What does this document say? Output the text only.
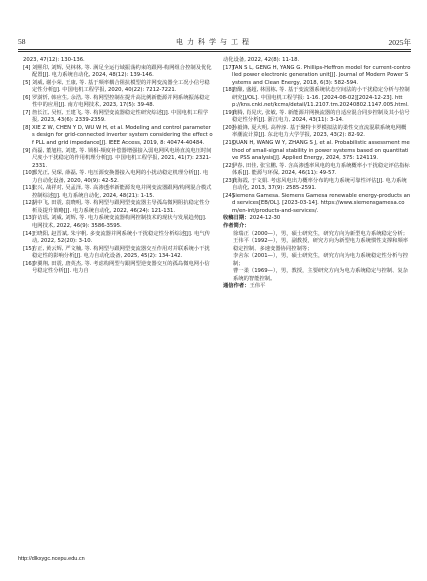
58	电力科学与工程	2025年

2023, 47(12): 130-136.

[4] 刘熙印, 刘辉, 吴林林, 等. 满足全运行域振荡约束的跟网-构网组合控制及优化配置[J]. 电力系统自动化, 2024, 48(12): 139-146.

[5] 刘威, 谢小荣, 王康, 等. 基于频率耦合阻抗模型的并网变流器全工况小信号稳定性分析[J]. 中国电机工程学报, 2020, 40(22): 7212-7221.

[6] 罗澍忻, 韩应生, 余浩, 等. 构网型控制在提升高比例新能源并网系统振荡稳定性中的应用[J]. 南方电网技术, 2023, 17(5): 39-48.

[7] 詹长江, 吴恒, 王建飞, 等. 构网型变流器稳定性研究综述[J]. 中国电机工程学报, 2023, 43(6): 2339-2359.

[8] XIE Z W, CHEN Y D, WU W H, et al. Modeling and control parameters design for grid-connected inverter system considering the effect of PLL and grid impedance[J]. IEEE Access, 2019, 8: 40474-40484.

[9] 尚磊, 董旭柱, 刘建, 等. 锁相-频度补偿器增强接入弱电网风电场直流电压时间尺度小干扰稳定的作用机理分析[J]. 中国电机工程学报, 2021, 41(7): 2321-2331.

[10]
邢光正, 吴琛, 薛磊, 等. 电压源变换器接入电网的小扰动稳定机理分析[J]. 电力自动化设备, 2020, 40(9): 42-52.

[11]
张兴, 战祥对, 吴孟泽, 等. 高渗透率新能源发电并网变流器跟网/构网混合模式控制综述[J]. 电力系统自动化, 2024, 48(21): 1-15.

[12]
胡中飞, 田震, 袁晓明, 等. 构网型与跟网型变流器主导孤岛微网阻抗稳定性分析及提升策略[J]. 电力系统自动化, 2022, 46(24): 121-131.

[13]
许诘瑶, 刘威, 刘辉, 等. 电力系统变流器构网控制技术的现状与发展趋势[J]. 电网技术, 2022, 46(9): 3586-3595.

[14]
王晓阳, 赵晋斌, 朱宇帆. 多变流器并网系统小干扰稳定性分析综述[J]. 电气传动, 2022, 52(20): 3-10.

[15]
方正, 黄云辉, 严文楠, 等. 构网型与跟网型变流器交互作用对并联系统小干扰稳定性的影响分析[J]. 电力自动化设备, 2025, 45(2): 134-142.

[16]
李翼翔, 田震, 唐英杰, 等. 考虑构网型与跟网型逆变器交互的孤岛微电网小信号稳定性分析[J]. 电力自

动化设备, 2022, 42(8): 11-18.

[17]
TAN S L, GENG H, YANG G. Phillips-Heffron model for current-controlled power electronic generation unit[J]. Journal of Modern Power Systems and Clean Energy, 2018, 6(3): 582-594.

[18]
唐酿, 盛超, 林国栋, 等. 基于变流器系统状态空间法的小干扰稳定分析与控制研究[J/OL]. 中国电机工程学报: 1-16. [2024-08-02][2024-12-23]. http://kns.cnki.net/kcms/detail/11.2107.tm.20240802.1147.005.html.

[19]
龚腾, 肖晃庆, 张敏, 等. 新能源并网换流器的自适应混合同步控制及其小信号稳定性分析[J]. 浙江电力, 2024, 43(11): 3-14.

[20]
孙毅锋, 夏大明, 高梓淳. 基于聚特卡罗模拟法的柔性交直流混联系统电网概率潮流计算[J]. 东北电力大学学报, 2023, 43(2): 82-92.

[21]
QUAN H, WANG W Y, ZHANG S J, et al. Probabilistic assessment method of small-signal stability in power systems based on quantitative PSS analysis[J]. Applied Energy, 2024, 375: 124119.

[22]
伊春, 田佳, 张宝鹏, 等. 含高渗透率风电的电力系统概率小干扰稳定评估指标体系[J]. 能源与环保, 2024, 46(11): 49-57.

[23]
龚海霞, 于文娟. 考虑风电出力概率分布的电力系统可靠性评估[J]. 电力系统自动化, 2013, 37(9): 2585-2591.

[24]
Siemens Gamesa. Siemens Gamesa renewable energy-products and services[EB/OL]. [2023-03-14]. https://www.siemensgamesa.com/en-int/products-and-services/.

收稿日期：2024-12-30
作者简介：

徐瑞正（2000—），男，硕士研究生，研究方向为新型电力系统稳定分析；

王伟平（1992—），男，副教授，研究方向为新型电力系统惯性支撑和频率稳定控制、多速变器协同控制等；

李舍东（2001—），男，硕士研究生，研究方向为电力系统稳定性分析与控制；

曹一柔（1969—），男，教授，主要研究方向为电力系统稳定与控制、复杂系统的智能控制。

通信作者：王伟平
http://dlkxygc.ncepu.edu.cn
